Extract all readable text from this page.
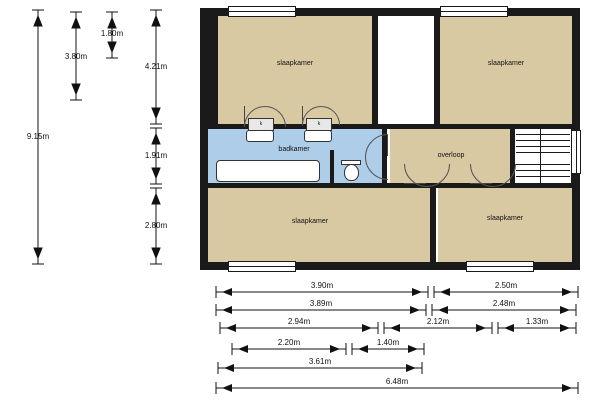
k	k
slaapkamer	slaapkamer
badkamer
overloop
slaapkamer	slaapkamer
9.15m
3.80m
1.80m
4.21m
1.91m
2.80m
3.90m	2.50m
3.89m	2.48m
2.94m	2.12m	1.33m
2.20m	1.40m
3.61m
6.48m
